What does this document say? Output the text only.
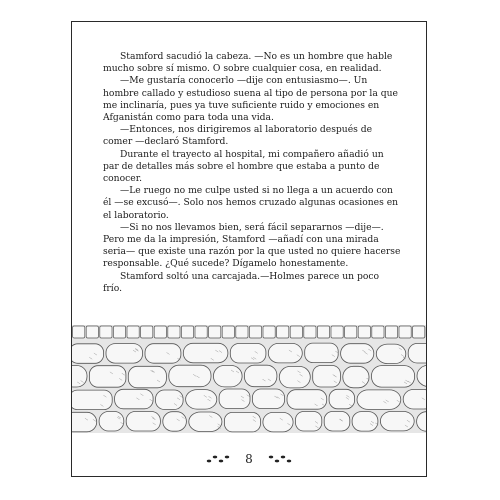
Stamford sacudió la cabeza. —No es un hombre que hable mucho sobre sí mismo. O sobre cualquier cosa, en realidad.

—Me gustaría conocerlo —dije con entusiasmo—. Un hombre callado y estudioso suena al tipo de persona por la que me inclinaría, pues ya tuve suficiente ruido y emociones en Afganistán como para toda una vida.

—Entonces, nos dirigiremos al laboratorio después de comer —declaró Stamford.

Durante el trayecto al hospital, mi compañero añadió un par de detalles más sobre el hombre que estaba a punto de conocer.

—Le ruego no me culpe usted si no llega a un acuerdo con él —se excusó—. Solo nos hemos cruzado algunas ocasiones en el laboratorio.

—Si no nos llevamos bien, será fácil separarnos —dije—. Pero me da la impresión, Stamford —añadí con una mirada seria— que existe una razón por la que usted no quiere hacerse responsable. ¿Qué sucede? Dígamelo honestamente.

Stamford soltó una carcajada.—Holmes parece un poco frío.

8
